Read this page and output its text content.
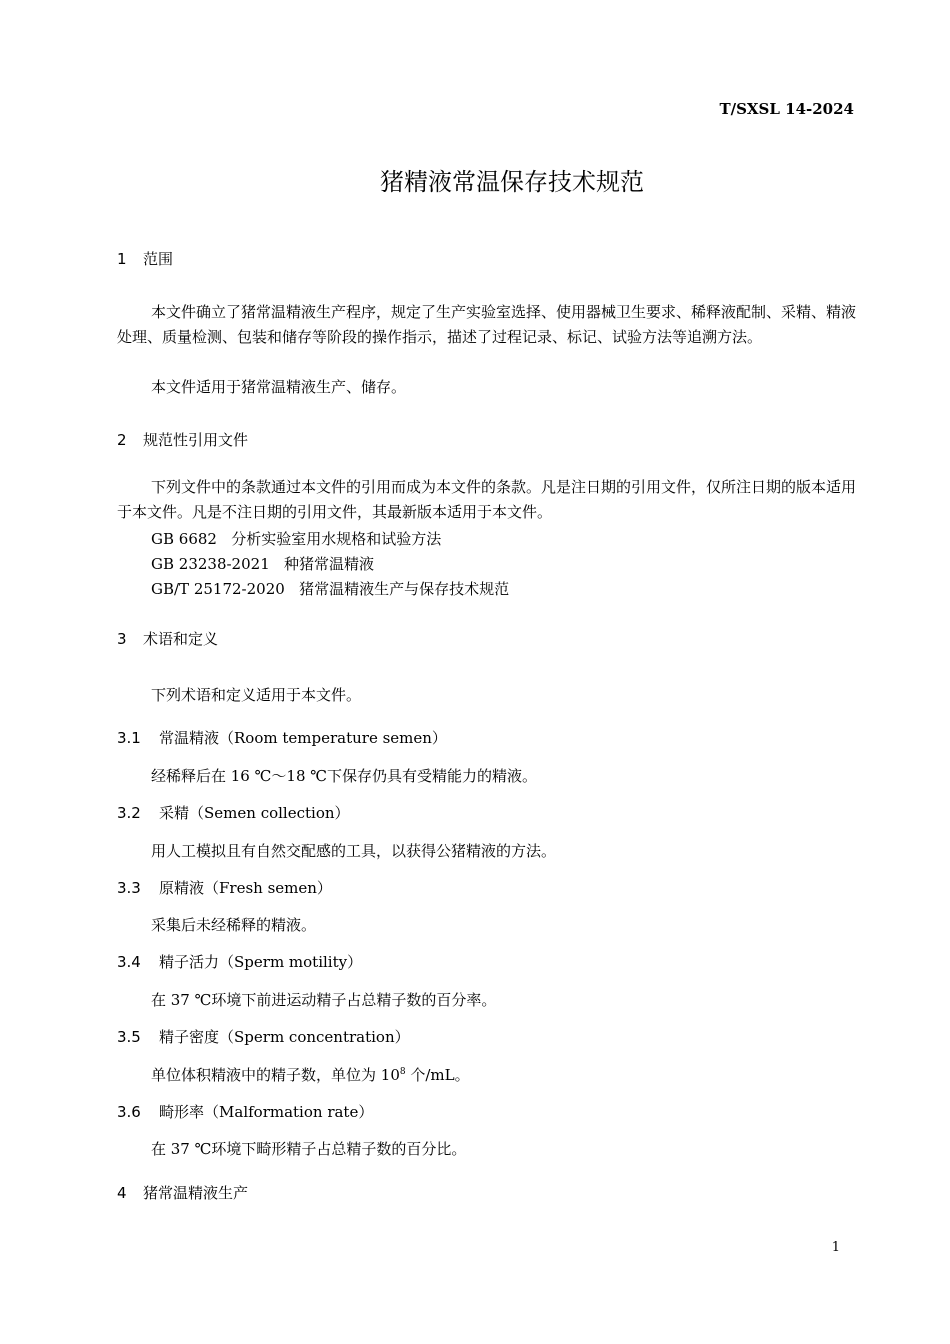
T/SXSL 14-2024
猪精液常温保存技术规范
1 范围
本文件确立了猪常温精液生产程序，规定了生产实验室选择、使用器械卫生要求、稀释液配制、采精、精液处理、质量检测、包装和储存等阶段的操作指示，描述了过程记录、标记、试验方法等追溯方法。
本文件适用于猪常温精液生产、储存。
2 规范性引用文件
下列文件中的条款通过本文件的引用而成为本文件的条款。凡是注日期的引用文件，仅所注日期的版本适用于本文件。凡是不注日期的引用文件，其最新版本适用于本文件。
GB 6682 分析实验室用水规格和试验方法
GB 23238-2021 种猪常温精液
GB/T 25172-2020 猪常温精液生产与保存技术规范
3 术语和定义
下列术语和定义适用于本文件。
3.1 常温精液（Room temperature semen）
经稀释后在 16 ℃～18 ℃下保存仍具有受精能力的精液。
3.2 采精（Semen collection）
用人工模拟且有自然交配感的工具，以获得公猪精液的方法。
3.3 原精液（Fresh semen）
采集后未经稀释的精液。
3.4 精子活力（Sperm motility）
在 37 ℃环境下前进运动精子占总精子数的百分率。
3.5 精子密度（Sperm concentration）
单位体积精液中的精子数，单位为 $10^8$ 个/mL。
3.6 畸形率（Malformation rate）
在 37 ℃环境下畸形精子占总精子数的百分比。
4 猪常温精液生产
1
